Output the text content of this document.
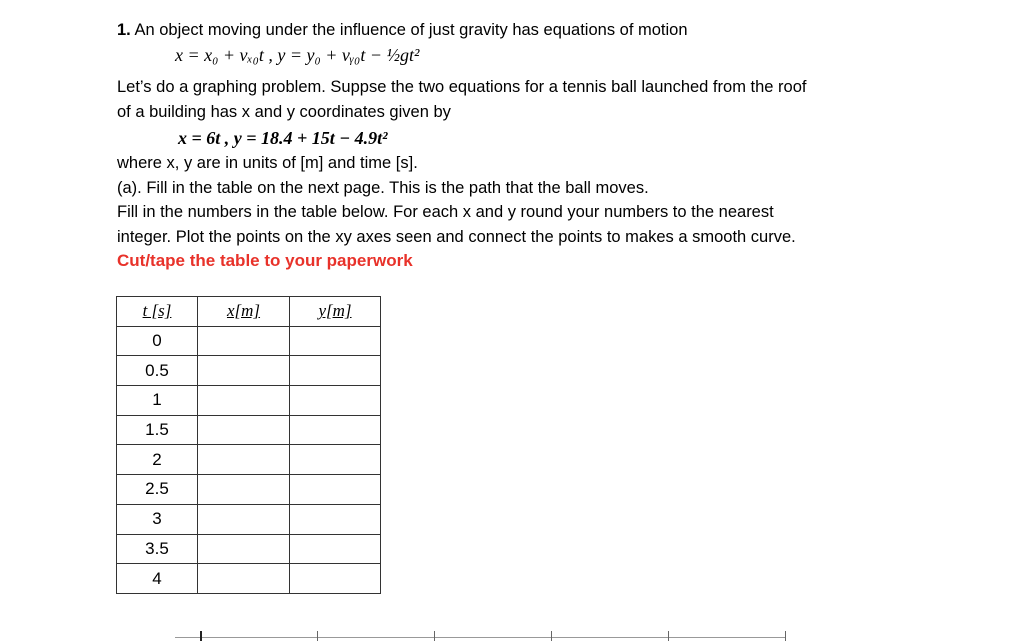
1. An object moving under the influence of just gravity has equations of motion
x = x₀ + vₓ₀t , y = y₀ + vᵧ₀t − ½gt²
Let’s do a graphing problem. Suppse the two equations for a tennis ball launched from the roof
of a building has x and y coordinates given by
x = 6t , y = 18.4 + 15t − 4.9t²
where x, y are in units of [m] and time [s].
(a). Fill in the table on the next page. This is the path that the ball moves.
Fill in the numbers in the table below. For each x and y round your numbers to the nearest
integer. Plot the points on the xy axes seen and connect the points to makes a smooth curve.
Cut/tape the table to your paperwork
t [s]	x[m]	y[m]
0		
0.5		
1		
1.5		
2		
2.5		
3		
3.5		
4		
